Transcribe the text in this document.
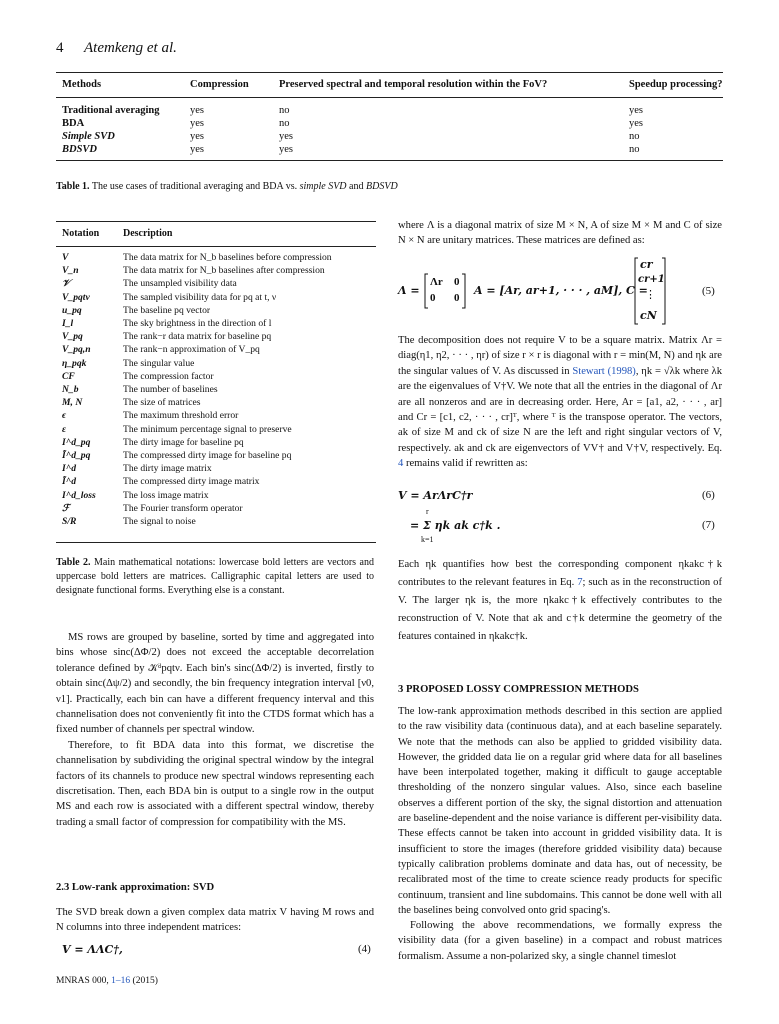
4 Atemkeng et al.
Methods	Compression	Preserved spectral and temporal resolution within the FoV?	Speedup processing?
Traditional averaging	yes	no	yes
BDA	yes	no	yes
Simple SVD	yes	yes	no
BDSVD	yes	yes	no
Table 1. The use cases of traditional averaging and BDA vs. simple SVD and BDSVD
Notation Description
V	The data matrix for N_b baselines before compression
V_n	The data matrix for N_b baselines after compression
𝒱	The unsampled visibility data
V_pqtν	The sampled visibility data for pq at t, ν
u_pq	The baseline pq vector
I_l	The sky brightness in the direction of l
V_pq	The rank−r data matrix for baseline pq
V_pq,n	The rank−n approximation of V_pq
η_pqk	The singular value
CF	The compression factor
N_b	The number of baselines
M, N	The size of matrices
ϵ	The maximum threshold error
ε	The minimum percentage signal to preserve
I^d_pq	The dirty image for baseline pq
Ĩ^d_pq	The compressed dirty image for baseline pq
I^d	The dirty image matrix
Ĩ^d	The compressed dirty image matrix
I^d_loss	The loss image matrix
ℱ	The Fourier transform operator
S/R	The signal to noise
Table 2. Main mathematical notations: lowercase bold letters are vectors and uppercase bold letters are matrices. Calligraphic capital letters are used to designate functional forms. Everything else is a constant.

MS rows are grouped by baseline, sorted by time and aggregated into bins whose sinc(ΔΦ/2) does not exceed the acceptable decorrelation tolerance defined by 𝒦ᵈpqtν. Each bin's sinc(ΔΦ/2) is inverted, firstly to obtain sinc(Δψ/2) and secondly, the bin frequency integration interval [ν0, ν1]. Practically, each bin can have a different frequency interval and this channelisation does not conveniently fit into the CTDS format which has a fixed number of channels per spectral window.

Therefore, to fit BDA data into this format, we discretise the channelisation by subdividing the original spectral window by the integral factors of its channels to produce new spectral windows representing each discretisation. Then, each BDA bin is output to a single row in the output MS and each row is associated with a different spectral window, thereby trading a small factor of compression for compatibility with the MS.

2.3 Low-rank approximation: SVD

The SVD break down a given complex data matrix V having M rows and N columns into three independent matrices:

V = ΛΛC†,	(4)

where Λ is a diagonal matrix of size M × N, A of size M × M and C of size N × N are unitary matrices. These matrices are defined as:

Λ =
Λr 0
0 0
A = [Ar, ar+1, · · · , aM], C =
cr
cr+1
⋮
cN
(5)

The decomposition does not require V to be a square matrix. Matrix Λr = diag(η1, η2, · · · , ηr) of size r × r is diagonal with r = min(M, N) and ηk are the singular values of V. As discussed in Stewart (1998), ηk = √λk where λk are the eigenvalues of V†V. We note that all the entries in the diagonal of Λr are all nonzeros and are in decreasing order. Here, Ar = [a1, a2, · · · , ar] and Cr = [c1, c2, · · · , cr]ᵀ, where ᵀ is the transpose operator. The vectors, ak of size M and ck of size N are the left and right singular vectors of V, respectively. ak and ck are eigenvectors of VV† and V†V, respectively. Eq. 4 remains valid if rewritten as:

V = ArΛrC†r	(6)
r
= Σ ηk ak c†k .
k=1
(7)

Each ηk quantifies how best the corresponding component ηkakc†k contributes to the relevant features in Eq. 7; such as in the reconstruction of V. The larger ηk is, the more ηkakc†k effectively contributes to the reconstruction of V. Note that ak and c†k determine the geometry of the features contained in ηkakc†k.

3 PROPOSED LOSSY COMPRESSION METHODS

The low-rank approximation methods described in this section are applied to the raw visibility data (continuous data), and at each baseline separately. We note that the methods can also be applied to gridded visibility data. However, the gridded data lie on a regular grid where data for all baselines have been interpolated together, making it difficult to gauge acceptable thresholding of the nonzero singular values. Also, since each baseline observes a different portion of the sky, the signal distortion and attenuation are baseline-dependent and the noise variance is different per-visibility data. These effects cannot be taken into account in gridded visibility data. It is insufficient to store the images (therefore gridded visibility data) because typically calibration problems dominate and data has, out of necessity, be recalibrated most of the time to create science ready products for specific continuum, transient and line subdomains. This cannot be done well with all the baselines being convolved onto grid spacing's.

Following the above recommendations, we formally express the visibility data (for a given baseline) in a compact and robust matrices formalism. Assume a non-polarized sky, a single channel timeslot

MNRAS 000, 1–16 (2015)
